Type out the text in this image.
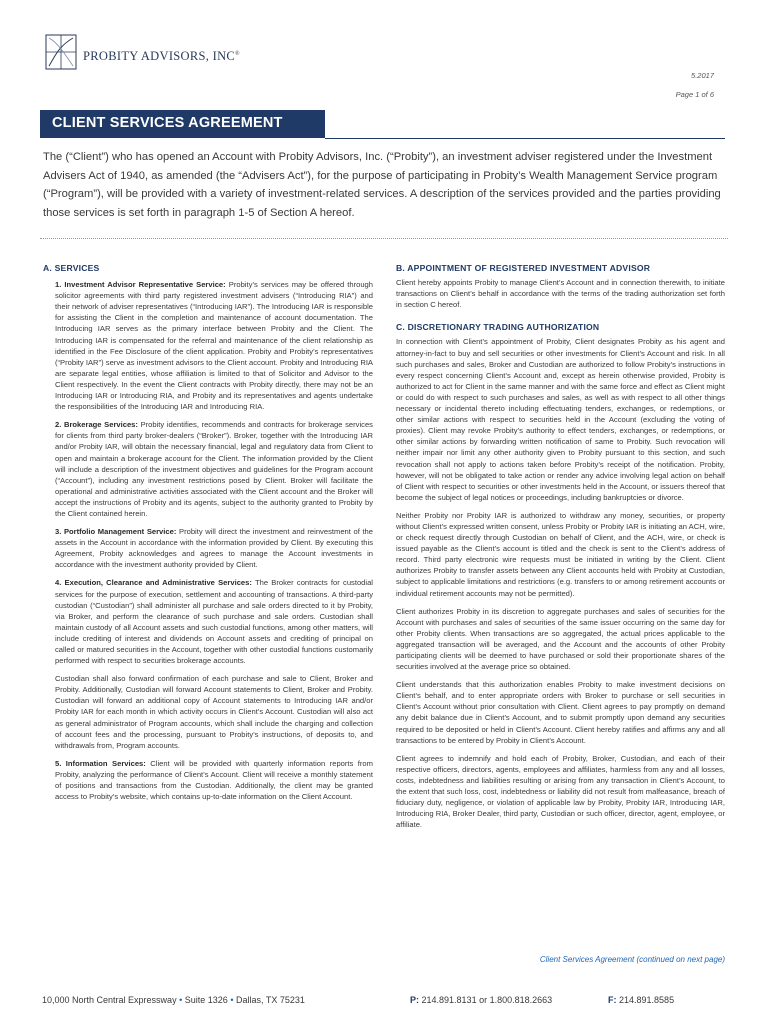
PROBITY ADVISORS, INC®
5.2017
Page 1 of 6
CLIENT SERVICES AGREEMENT
The (“Client”) who has opened an Account with Probity Advisors, Inc. (“Probity”), an investment adviser registered under the Investment Advisers Act of 1940, as amended (the “Advisers Act”), for the purpose of participating in Probity’s Wealth Management Service program (“Program”), will be provided with a variety of investment-related services. A description of the services provided and the parties providing those services is set forth in paragraph 1-5 of Section A hereof.
A. SERVICES

1. Investment Advisor Representative Service: Probity’s services may be offered through solicitor agreements with third party registered investment advisers (“Introducing RIA”) and their network of adviser representatives (“Introducing IAR”). The Introducing IAR is responsible for assisting the Client in the completion and maintenance of account documentation. The Introducing IAR serves as the primary interface between Probity and the Client. The Introducing IAR is compensated for the referral and maintenance of the client relationship as identified in the Fee Disclosure of the client application. Probity and Probity’s representatives (“Probity IAR”) serve as investment advisors to the Client account. Probity and Introducing RIA are separate legal entities, whose affiliation is limited to that of Solicitor and Advisor to the Client respectively. In the event the Client contracts with Probity directly, there may not be an Introducing IAR or Introducing RIA, and Probity and its representatives and agents undertake the responsibilities of the Introducing IAR and Introducing RIA.

2. Brokerage Services: Probity identifies, recommends and contracts for brokerage services for clients from third party broker-dealers (“Broker”). Broker, together with the Introducing IAR and/or Probity IAR, will obtain the necessary financial, legal and regulatory data from Client to open and maintain a brokerage account for the Client. The information provided by the Client will include a description of the investment objectives and guidelines for the Program account (“Account”), including any investment restrictions posed by Client. Broker will facilitate the operational and administrative activities associated with the Client account and the Broker will accept the instructions of Probity and its agents, subject to the authority granted to Probity by the Client contained herein.

3. Portfolio Management Service: Probity will direct the investment and reinvestment of the assets in the Account in accordance with the information provided by Client. By executing this Agreement, Probity acknowledges and agrees to manage the Account investments in accordance with the investment authority provided by Client.

4. Execution, Clearance and Administrative Services: The Broker contracts for custodial services for the purpose of execution, settlement and accounting of transactions. A third-party custodian (“Custodian”) shall administer all purchase and sale orders directed to it by Probity, via Broker, and perform the clearance of such purchase and sale orders. Custodian shall maintain custody of all Account assets and such custodial functions, among other matters, will include crediting of interest and dividends on Account assets and crediting of principal on called or matured securities in the Account, together with other custodial functions customarily performed with respect to securities brokerage accounts.

Custodian shall also forward confirmation of each purchase and sale to Client, Broker and Probity. Additionally, Custodian will forward Account statements to Client, Broker and Probity. Custodian will forward an additional copy of Account statements to Introducing IAR and/or Probity IAR for each month in which activity occurs in Client’s Account. Custodian will also act as general administrator of Program accounts, which shall include the charging and collection of account fees and the processing, pursuant to Probity’s instructions, of deposits to, and withdrawals from, Program accounts.

5. Information Services: Client will be provided with quarterly information reports from Probity, analyzing the performance of Client’s Account. Client will receive a monthly statement of positions and transactions from the Custodian. Additionally, the client may be granted access to Probity’s website, which contains up-to-date information on the Client Account.

B. APPOINTMENT OF REGISTERED INVESTMENT ADVISOR

Client hereby appoints Probity to manage Client’s Account and in connection therewith, to initiate transactions on Client’s behalf in accordance with the terms of the trading authorization set forth in section C hereof.

C. DISCRETIONARY TRADING AUTHORIZATION

In connection with Client’s appointment of Probity, Client designates Probity as his agent and attorney-in-fact to buy and sell securities or other investments for Client’s Account and risk. In all such purchases and sales, Broker and Custodian are authorized to follow Probity’s instructions in every respect concerning Client’s Account and, except as herein otherwise provided, Probity is authorized to act for Client in the same manner and with the same force and effect as Client might or could do with respect to such purchases and sales, as well as with respect to all other things necessary or incidental thereto including effectuating tenders, exchanges, or redemptions, or other similar actions with respect to securities held in the Account (excluding the voting of proxies). Client may revoke Probity’s authority to effect tenders, exchanges, or redemptions, or other similar actions by forwarding written notification of same to Probity. Such revocation will neither impair nor limit any other authority given to Probity pursuant to this section, and such revocation shall not apply to actions taken before Probity’s receipt of the notification. Probity, however, will not be obligated to take action or render any advice involving legal action on behalf of Client with respect to securities or other investments held in the Account, or issuers thereof that become the subject of legal notices or proceedings, including bankruptcies or divorce.

Neither Probity nor Probity IAR is authorized to withdraw any money, securities, or property without Client’s expressed written consent, unless Probity or Probity IAR is initiating an ACH, wire, or check request directly through Custodian on behalf of Client, and the ACH, wire, or check is issued payable as the Client’s account is titled and the check is sent to the Client’s address of record. Third party electronic wire requests must be initiated in writing by the Client. Client authorizes Probity to transfer assets between any Client accounts held with Probity at Custodian, subject to applicable limitations and restrictions (e.g. transfers to or among retirement accounts or individual retirement accounts may not be permitted).

Client authorizes Probity in its discretion to aggregate purchases and sales of securities for the Account with purchases and sales of securities of the same issuer occurring on the same day for other Probity clients. When transactions are so aggregated, the actual prices applicable to the aggregated transaction will be averaged, and the Account and the accounts of other Probity participating clients will be deemed to have purchased or sold their proportionate shares of the securities involved at the average price so obtained.

Client understands that this authorization enables Probity to make investment decisions on Client’s behalf, and to enter appropriate orders with Broker to purchase or sell securities in Client’s Account without prior consultation with Client. Client agrees to pay promptly on demand any debit balance due in Client’s Account, and to submit promptly upon demand any securities required to be deposited or held in Client’s Account. Client hereby ratifies and affirms any and all transactions to be entered by Probity in Client’s Account.

Client agrees to indemnify and hold each of Probity, Broker, Custodian, and each of their respective officers, directors, agents, employees and affiliates, harmless from any and all losses, costs, indebtedness and liabilities resulting or arising from any transaction in Client’s Account, to the extent that such loss, cost, indebtedness or liability did not result from malfeasance, breach of fiduciary duty, negligence, or violation of applicable law by Probity, Probity IAR, Introducing IAR, Introducing RIA, Broker Dealer, third party, Custodian or such officer, director, agent, employee, or affiliate.

Client Services Agreement (continued on next page)
10,000 North Central Expressway • Suite 1326 • Dallas, TX 75231	P: 214.891.8131 or 1.800.818.2663	F: 214.891.8585
